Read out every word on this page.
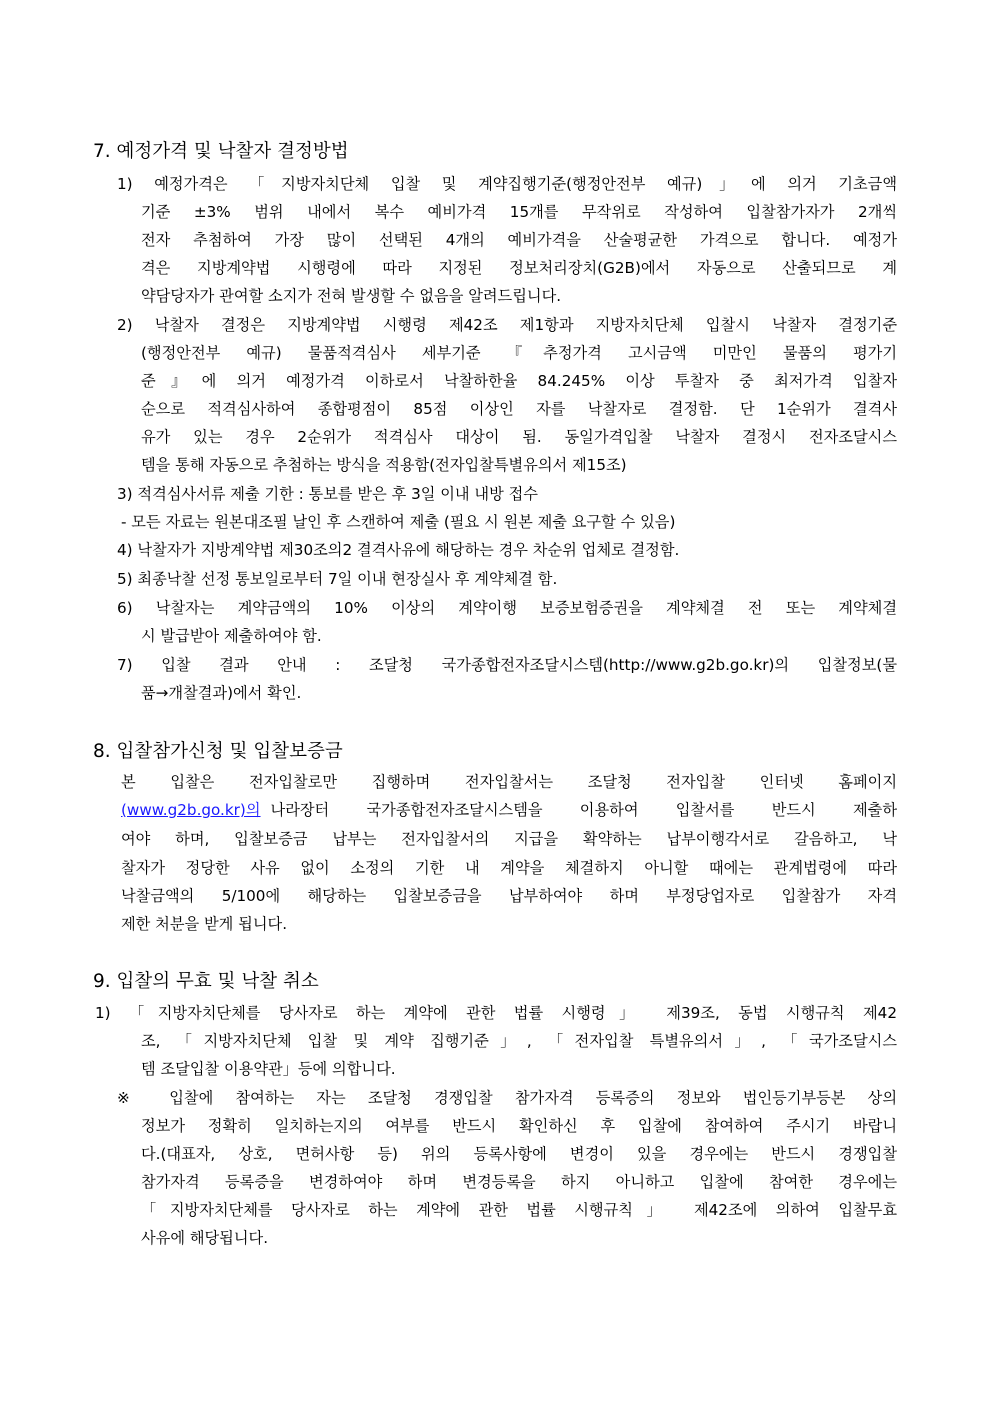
7. 예정가격 및 낙찰자 결정방법
1) 예정가격은 「지방자치단체 입찰 및 계약집행기준(행정안전부 예규)」에 의거 기초금액
기준 ±3% 범위 내에서 복수 예비가격 15개를 무작위로 작성하여 입찰참가자가 2개씩
전자 추첨하여 가장 많이 선택된 4개의 예비가격을 산술평균한 가격으로 합니다. 예정가
격은 지방계약법 시행령에 따라 지정된 정보처리장치(G2B)에서 자동으로 산출되므로 계
약담당자가 관여할 소지가 전혀 발생할 수 없음을 알려드립니다.
2) 낙찰자 결정은 지방계약법 시행령 제42조 제1항과 지방자치단체 입찰시 낙찰자 결정기준
(행정안전부 예규) 물품적격심사 세부기준 『추정가격 고시금액 미만인 물품의 평가기
준』에 의거 예정가격 이하로서 낙찰하한율 84.245% 이상 투찰자 중 최저가격 입찰자
순으로 적격심사하여 종합평점이 85점 이상인 자를 낙찰자로 결정함. 단 1순위가 결격사
유가 있는 경우 2순위가 적격심사 대상이 됨. 동일가격입찰 낙찰자 결정시 전자조달시스
템을 통해 자동으로 추첨하는 방식을 적용함(전자입찰특별유의서 제15조)
3) 적격심사서류 제출 기한 : 통보를 받은 후 3일 이내 내방 접수
- 모든 자료는 원본대조필 날인 후 스캔하여 제출 (필요 시 원본 제출 요구할 수 있음)
4) 낙찰자가 지방계약법 제30조의2 결격사유에 해당하는 경우 차순위 업체로 결정함.
5) 최종낙찰 선정 통보일로부터 7일 이내 현장실사 후 계약체결 함.
6) 낙찰자는 계약금액의 10% 이상의 계약이행 보증보험증권을 계약체결 전 또는 계약체결
시 발급받아 제출하여야 함.
7) 입찰 결과 안내 : 조달청 국가종합전자조달시스템(http://www.g2b.go.kr)의 입찰정보(물
품→개찰결과)에서 확인.
8. 입찰참가신청 및 입찰보증금
본 입찰은 전자입찰로만 집행하며 전자입찰서는 조달청 전자입찰 인터넷 홈페이지
(www.g2b.go.kr)의 나라장터 국가종합전자조달시스템을 이용하여 입찰서를 반드시 제출하
여야 하며, 입찰보증금 납부는 전자입찰서의 지급을 확약하는 납부이행각서로 갈음하고, 낙
찰자가 정당한 사유 없이 소정의 기한 내 계약을 체결하지 아니할 때에는 관계법령에 따라
낙찰금액의 5/100에 해당하는 입찰보증금을 납부하여야 하며 부정당업자로 입찰참가 자격
제한 처분을 받게 됩니다.
9. 입찰의 무효 및 낙찰 취소
1) 「지방자치단체를 당사자로 하는 계약에 관한 법률 시행령」 제39조, 동법 시행규칙 제42
조, 「지방자치단체 입찰 및 계약 집행기준」, 「전자입찰 특별유의서」, 「국가조달시스
템 조달입찰 이용약관」등에 의합니다.
※ 입찰에 참여하는 자는 조달청 경쟁입찰 참가자격 등록증의 정보와 법인등기부등본 상의
정보가 정확히 일치하는지의 여부를 반드시 확인하신 후 입찰에 참여하여 주시기 바랍니
다.(대표자, 상호, 면허사항 등) 위의 등록사항에 변경이 있을 경우에는 반드시 경쟁입찰
참가자격 등록증을 변경하여야 하며 변경등록을 하지 아니하고 입찰에 참여한 경우에는
「지방자치단체를 당사자로 하는 계약에 관한 법률 시행규칙」 제42조에 의하여 입찰무효
사유에 해당됩니다.
